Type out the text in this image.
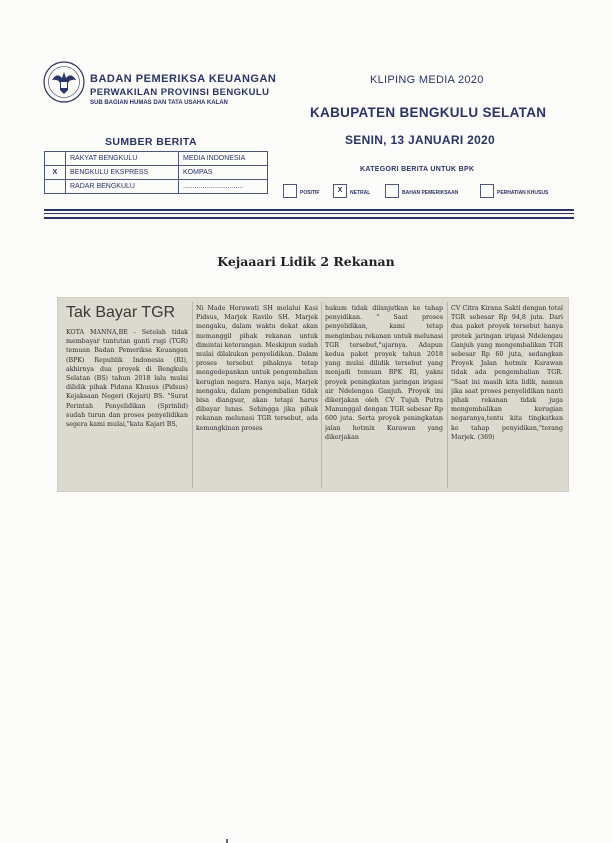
BADAN PEMERIKSA KEUANGAN
PERWAKILAN PROVINSI BENGKULU
SUB BAGIAN HUMAS DAN TATA USAHA KALAN
KLIPING MEDIA 2020
KABUPATEN BENGKULU SELATAN
SENIN, 13 JANUARI 2020
SUMBER BERITA
	RAKYAT BENGKULU	MEDIA INDONESIA
X	BENGKULU EKSPRESS	KOMPAS
	RADAR BENGKULU	...............................
KATEGORI BERITA UNTUK BPK
POSITIF	X	NETRAL	BAHAN PEMERIKSAAN	PERHATIAN KHUSUS
Kejaaari Lidik 2 Rekanan
Tak Bayar TGR

KOTA MANNA,BE - Setelah tidak membayar tuntutan ganti rugi (TGR) temuan Badan Pemeriksa Keuangan (BPK) Republik Indonesia (RI), akhirnya dua proyek di Bengkulu Selatan (BS) tahun 2018 lalu mulai dilidik pihak Pidana Khusus (Pidsus) Kejaksaan Negeri (Kejari) BS. "Surat Perintah Penyelidikan (Sprinlid) sudah turun dan proses penyelidikan segera kami mulai,"kata Kajari BS,

Ni Made Herawati SH melalui Kasi Pidsus, Marjek Ravilo SH. Marjek mengaku, dalam waktu dekat akan memanggil pihak rekanan untuk dimintai keterangan. Meskipun sudah mulai dilakukan penyelidikan. Dalam proses tersebut pihaknya tetap mengedepankan untuk pengembalian kerugian negara. Hanya saja, Marjek mengaku, dalam pengembalian tidak bisa diangsur, akan tetapi harus dibayar lunas. Sehingga jika pihak rekanan melunasi TGR tersebut, ada kemungkinan proses

hukum tidak dilanjutkan ke tahap penyidikan. " Saat proses penyelidikan, kami tetap mengimbau rekanan untuk melunasi TGR tersebut,"ujarnya. Adapun kedua paket proyek tahun 2018 yang mulai dilidik tersebut yang menjadi temuan BPK RI, yakni proyek peningkatan jaringan irigasi air Ndelengau Ganjuh. Proyek ini dikerjakan oleh CV Tujuh Putra Manunggal dengan TGR sebesar Rp 600 juta. Serta proyek peningkatan jalan hotmix Kurawan yang dikerjakan

CV Citra Kirana Sakti dengan total TGR sebesar Rp 94,8 juta. Dari dua paket proyek tersebut hanya protek jaringan irigasi Ndelengau Ganjuh yang mengembalikan TGR sebesar Rp 60 juta, sedangkan Proyek Jalan hotmix Kurawan tidak ada pengembalian TGR. "Saat ini masih kita lidik, namun jika saat proses penyelidikan nanti pihak rekanan tidak juga mengembalikan kerugian negaranya,tentu kita tingkatkan ke tahap penyidikan,"terang Marjek. (369)
